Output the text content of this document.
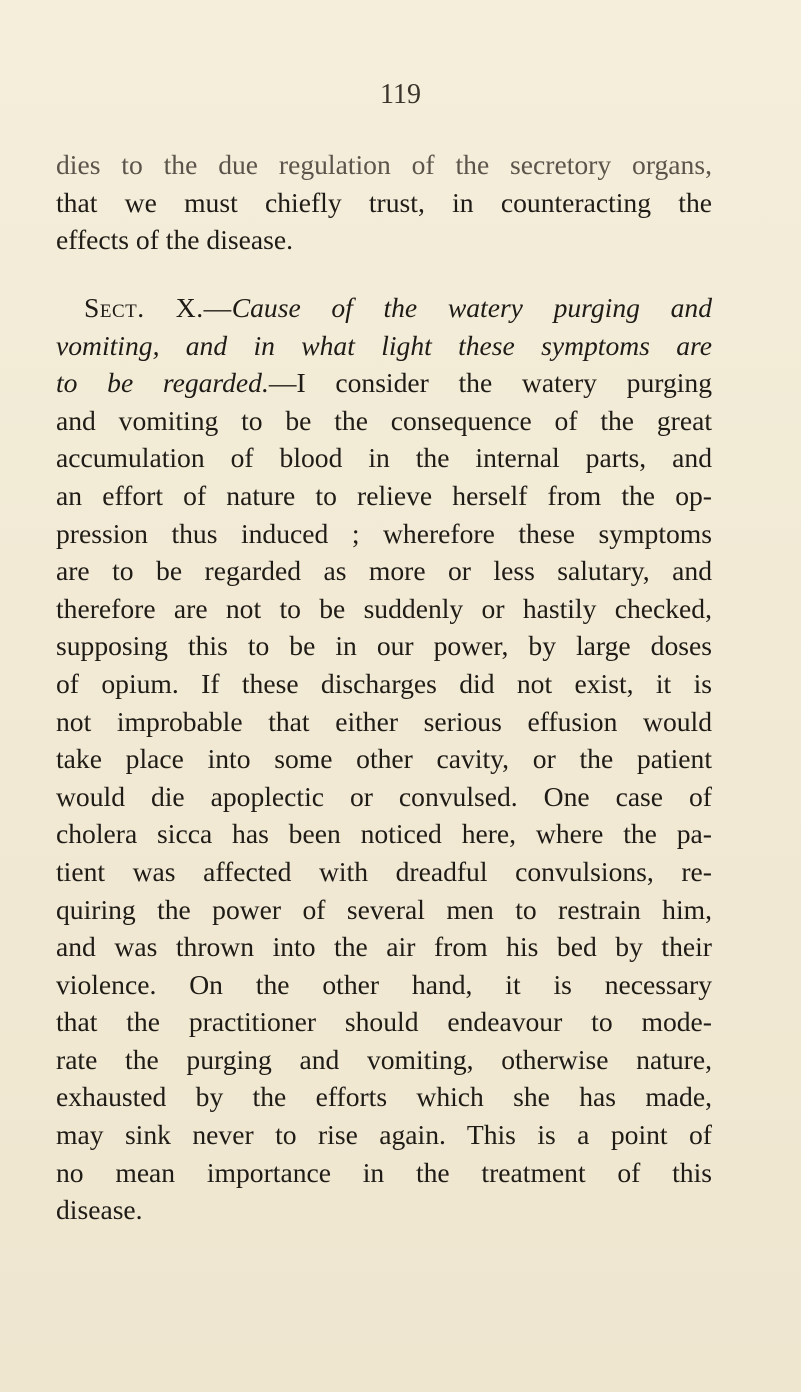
119
dies to the due regulation of the secretory organs,
that we must chiefly trust, in counteracting the
effects of the disease.
Sect. X.—Cause of the watery purging and
vomiting, and in what light these symptoms are
to be regarded.—I consider the watery purging
and vomiting to be the consequence of the great
accumulation of blood in the internal parts, and
an effort of nature to relieve herself from the op-
pression thus induced ; wherefore these symptoms
are to be regarded as more or less salutary, and
therefore are not to be suddenly or hastily checked,
supposing this to be in our power, by large doses
of opium. If these discharges did not exist, it is
not improbable that either serious effusion would
take place into some other cavity, or the patient
would die apoplectic or convulsed. One case of
cholera sicca has been noticed here, where the pa-
tient was affected with dreadful convulsions, re-
quiring the power of several men to restrain him,
and was thrown into the air from his bed by their
violence. On the other hand, it is necessary
that the practitioner should endeavour to mode-
rate the purging and vomiting, otherwise nature,
exhausted by the efforts which she has made,
may sink never to rise again. This is a point of
no mean importance in the treatment of this
disease.
